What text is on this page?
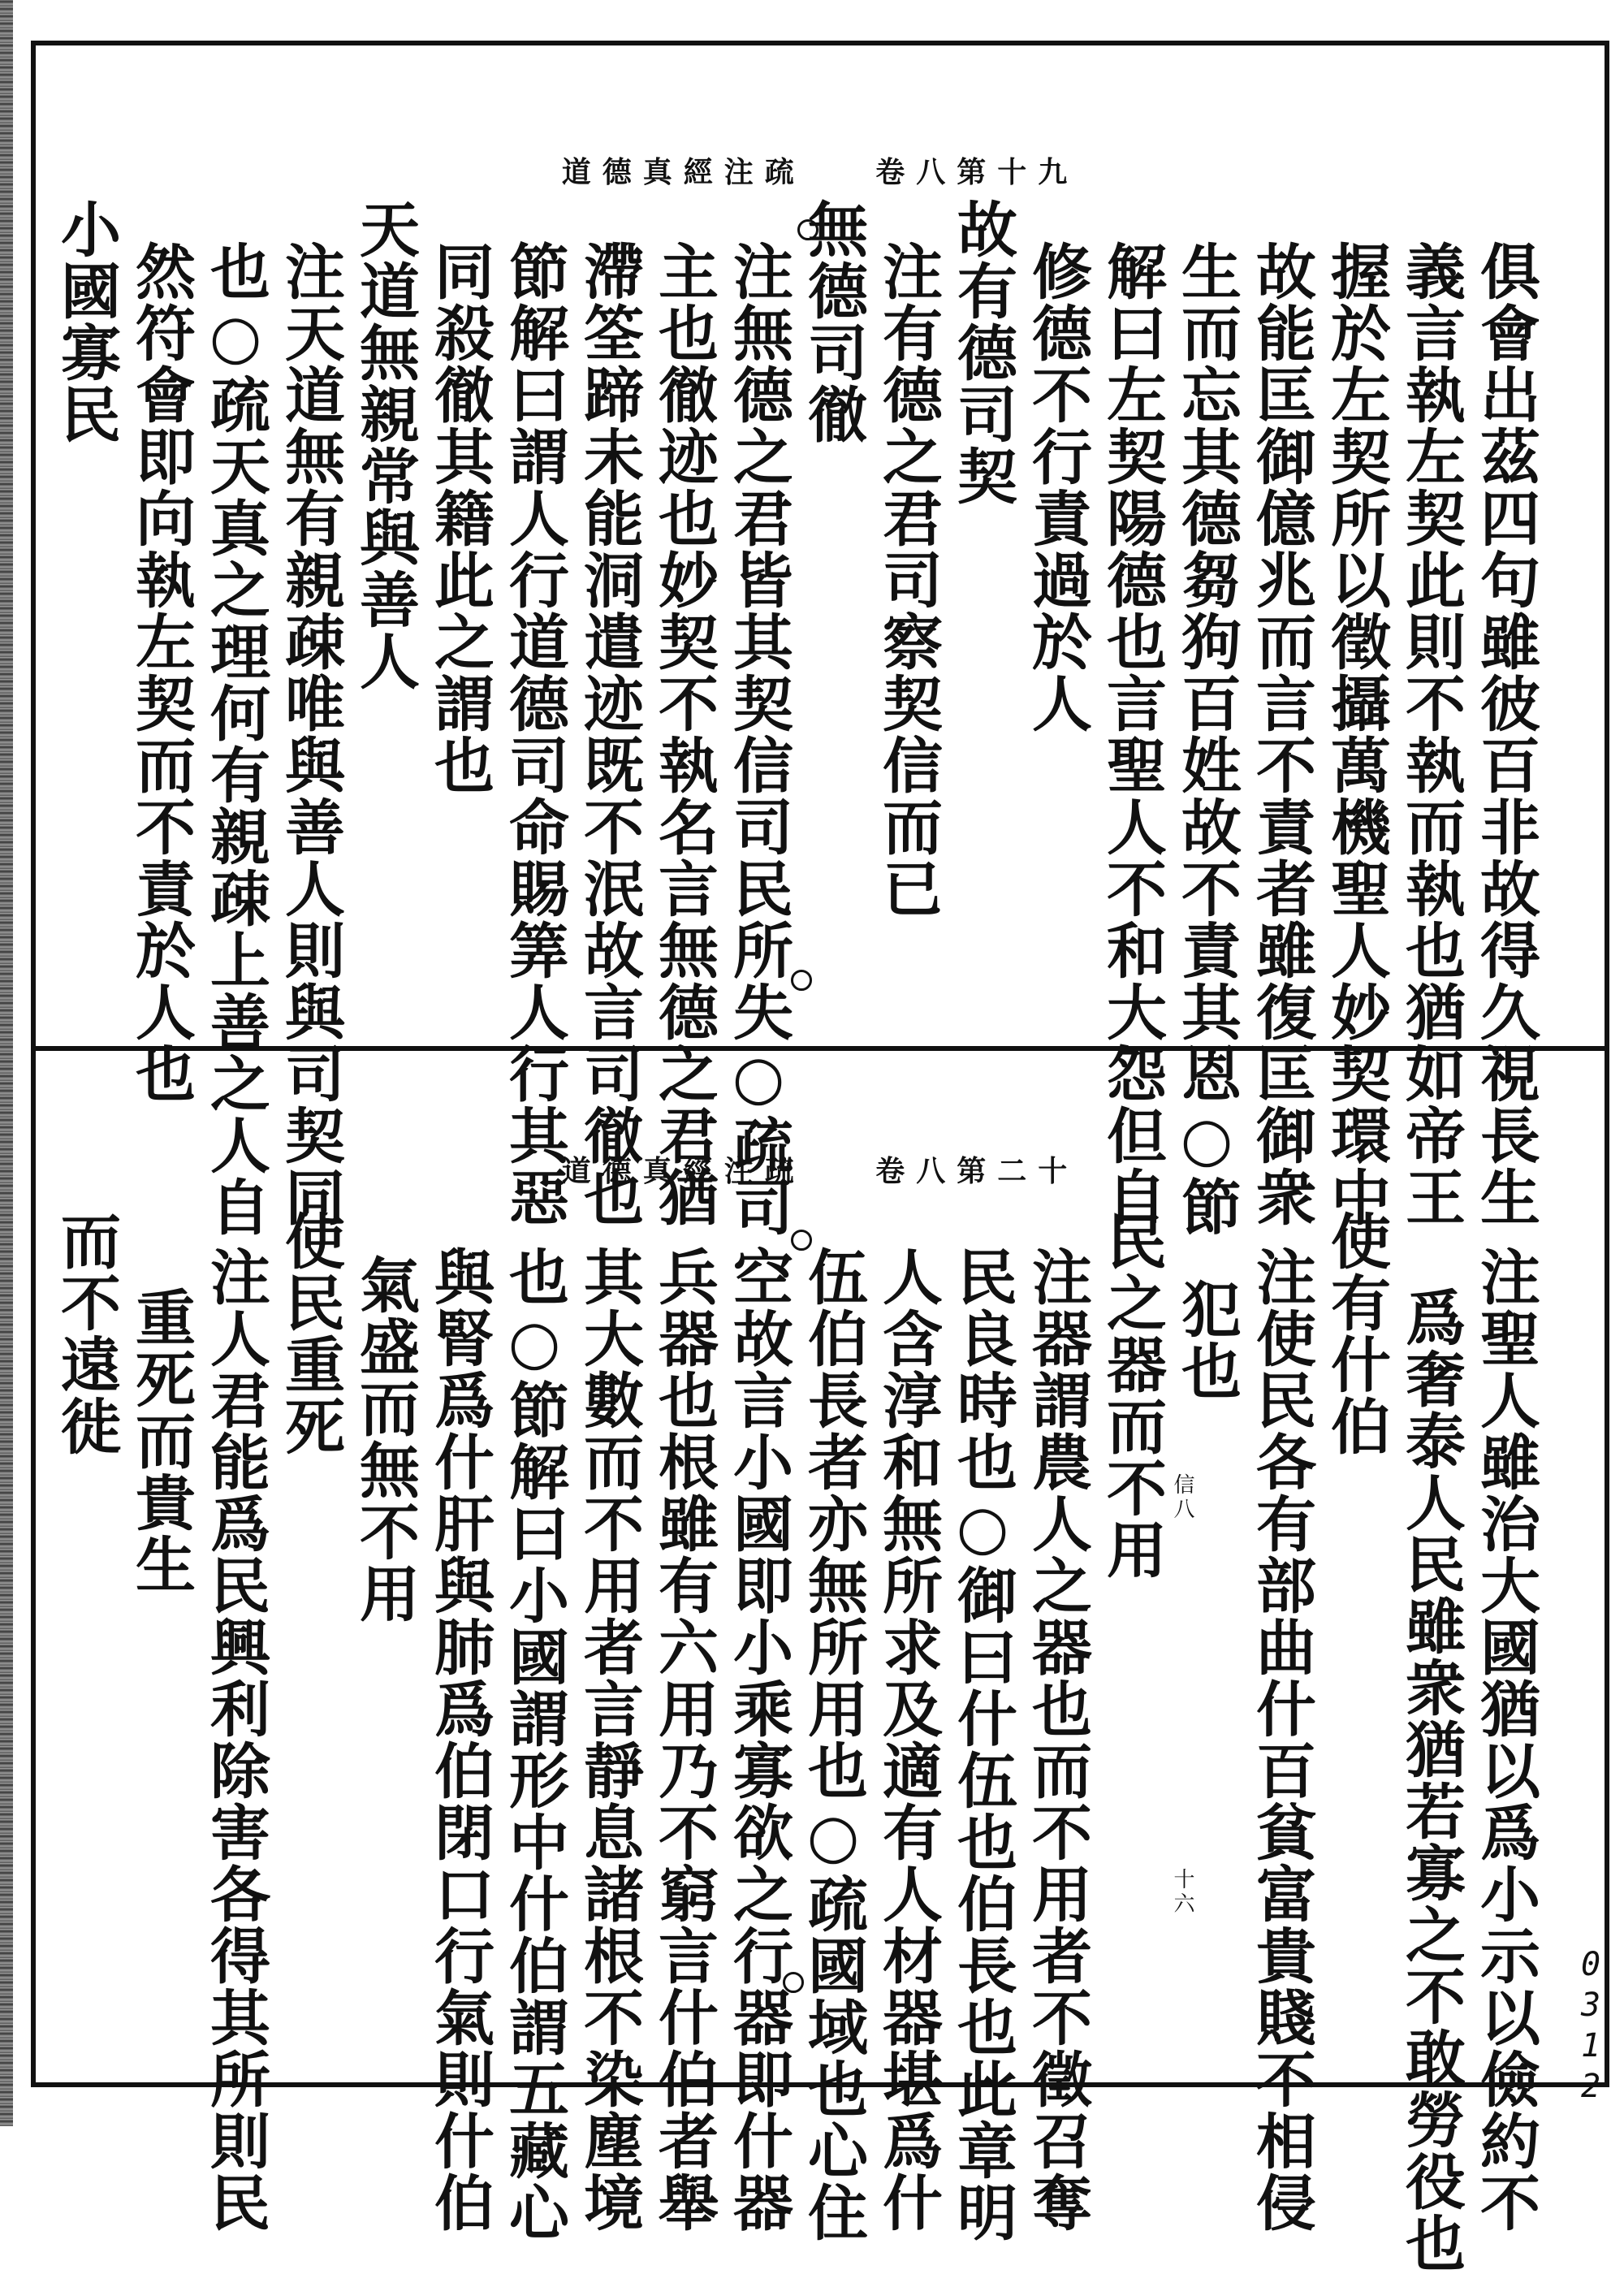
道德真經注疏 卷八第十九
俱會出茲四句雖彼百非故得久視長生
義言執左契此則不執而執也猶如帝王
握於左契所以徵攝萬機聖人妙契環中
故能匡御億兆而言不責者雖復匡御衆
生而忘其德芻狗百姓故不責其恩○節
解曰左契陽德也言聖人不和大怨但自
修德不行責過於人
故有德司契
注有德之君司察契信而已
無德司徹
注無德之君皆其契信司民所失○疏司
主也徹迹也妙契不執名言無德之君猶
滯筌蹄未能洞遣迹既不泯故言司徹也
節解曰謂人行道德司命賜筭人行其惡
同殺徹其籍此之謂也
天道無親常與善人
注天道無有親疎唯與善人則與司契同
也○疏天真之理何有親疎上善之人自
然符會即向執左契而不責於人也
小國寡民
道德真經注疏 卷八第二十
注聖人雖治大國猶以爲小示以儉約不
爲奢泰人民雖衆猶若寡之不敢勞役也
使有什伯
注使民各有部曲什百貧富貴賤不相侵
犯也
民之器而不用
注器謂農人之器也而不用者不徵召奪
民良時也○御曰什伍也伯長也此章明
人含淳和無所求及適有人材器堪爲什
伍伯長者亦無所用也○疏國域也心住
空故言小國即小乘寡欲之行器即什器
兵器也根雖有六用乃不窮言什伯者舉
其大數而不用者言靜息諸根不染塵境
也○節解曰小國謂形中什伯謂五藏心
與腎爲什肝與肺爲伯閉口行氣則什伯
氣盛而無不用
使民重死
注人君能爲民興利除害各得其所則民
重死而貴生
而不遠徙
信八
十六
0312
